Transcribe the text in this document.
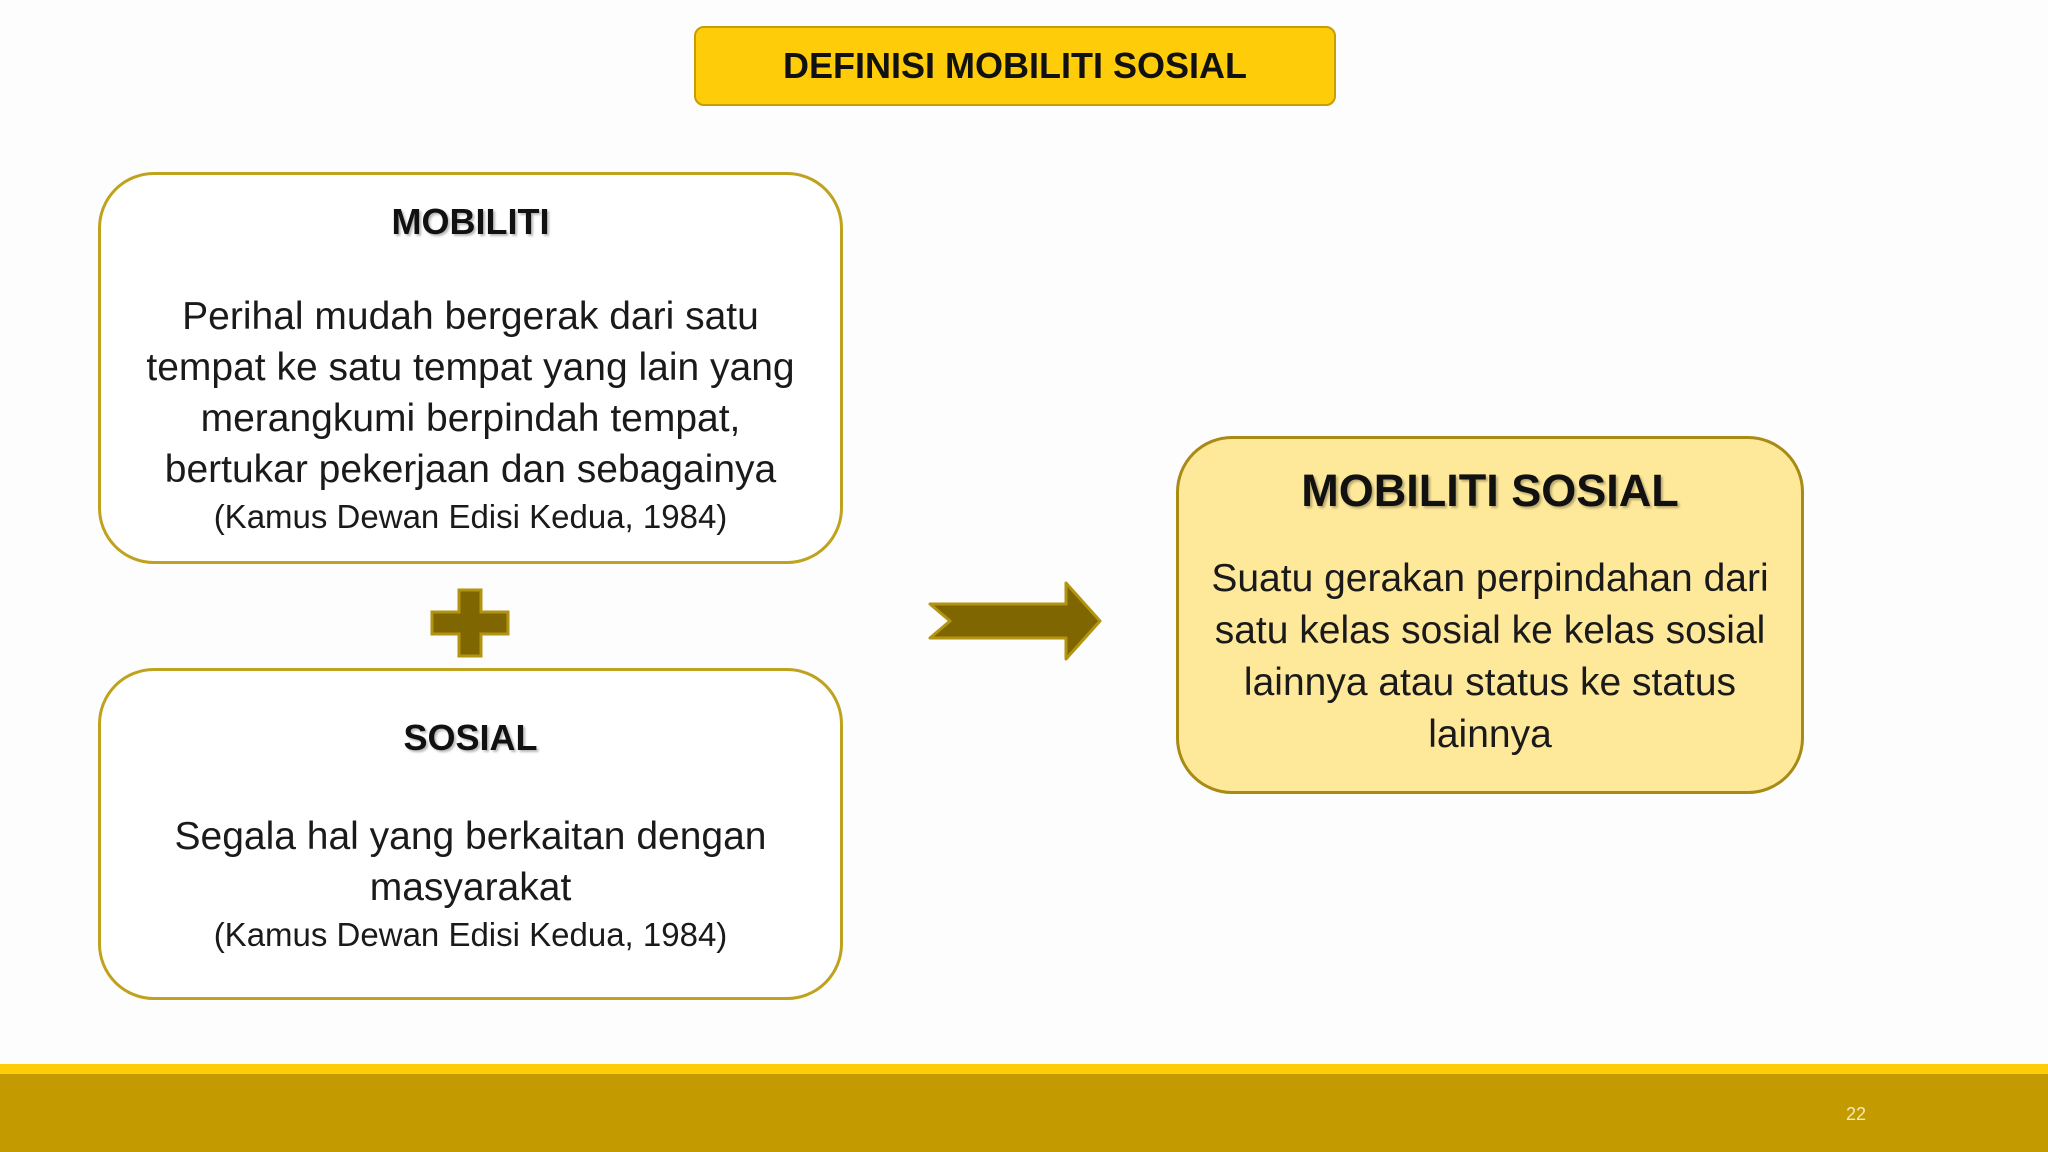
DEFINISI MOBILITI SOSIAL
MOBILITI
Perihal mudah bergerak dari satu tempat ke satu tempat yang lain yang merangkumi berpindah tempat, bertukar pekerjaan dan sebagainya
(Kamus Dewan Edisi Kedua, 1984)
SOSIAL
Segala hal yang berkaitan dengan masyarakat
(Kamus Dewan Edisi Kedua, 1984)
MOBILITI SOSIAL
Suatu gerakan perpindahan dari satu kelas sosial ke kelas sosial lainnya atau status ke status lainnya
22
